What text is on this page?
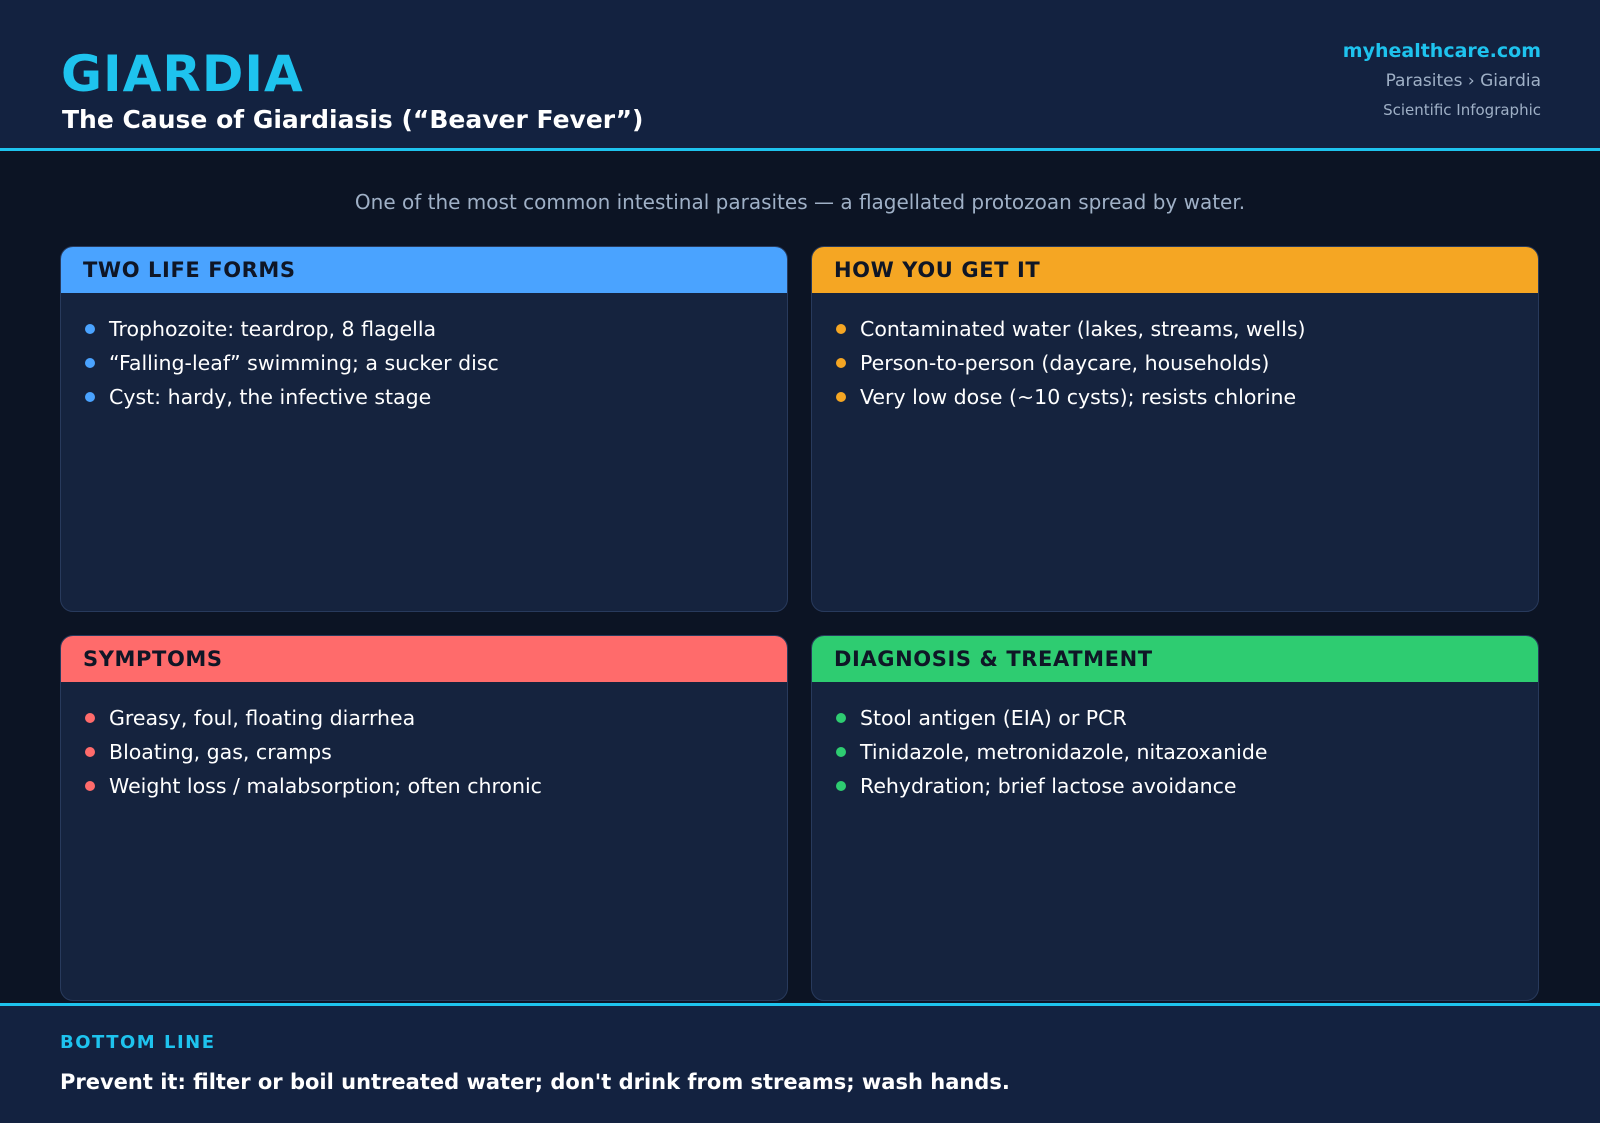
GIARDIA
The Cause of Giardiasis (“Beaver Fever”)
myhealthcare.com
Parasites › Giardia
Scientific Infographic
One of the most common intestinal parasites — a flagellated protozoan spread by water.
TWO LIFE FORMS
Trophozoite: teardrop, 8 flagella
“Falling-leaf” swimming; a sucker disc
Cyst: hardy, the infective stage
HOW YOU GET IT
Contaminated water (lakes, streams, wells)
Person-to-person (daycare, households)
Very low dose (~10 cysts); resists chlorine
SYMPTOMS
Greasy, foul, floating diarrhea
Bloating, gas, cramps
Weight loss / malabsorption; often chronic
DIAGNOSIS & TREATMENT
Stool antigen (EIA) or PCR
Tinidazole, metronidazole, nitazoxanide
Rehydration; brief lactose avoidance
BOTTOM LINE
Prevent it: filter or boil untreated water; don't drink from streams; wash hands.
